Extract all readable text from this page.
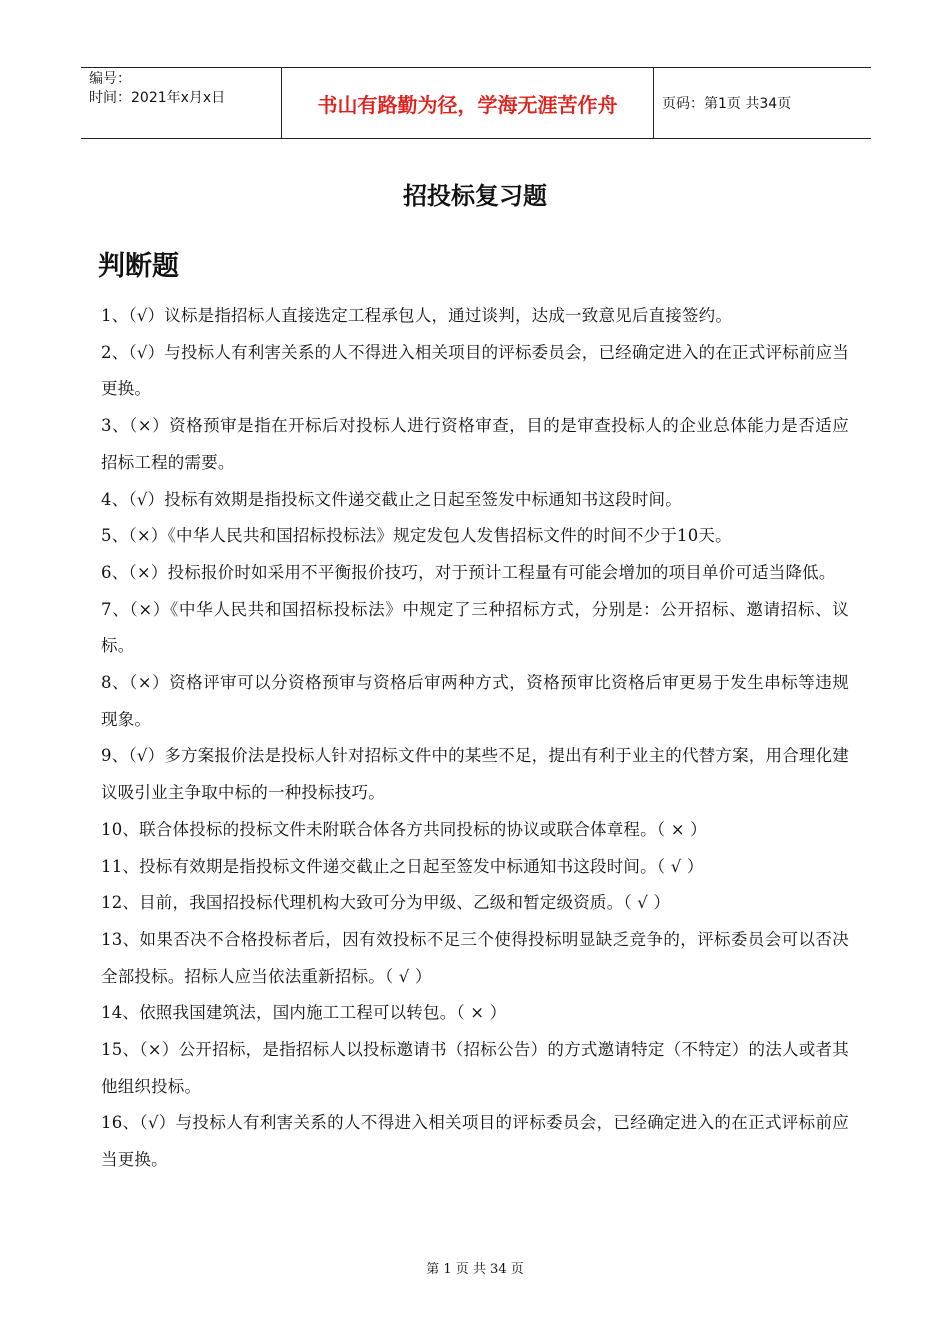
编号：
时间：2021年x月x日	书山有路勤为径，学海无涯苦作舟	页码：第1页 共34页
招投标复习题
判断题
1、（√）议标是指招标人直接选定工程承包人，通过谈判，达成一致意见后直接签约。
2、（√）与投标人有利害关系的人不得进入相关项目的评标委员会，已经确定进入的在正式评标前应当更换。
3、（×）资格预审是指在开标后对投标人进行资格审查，目的是审查投标人的企业总体能力是否适应招标工程的需要。
4、（√）投标有效期是指投标文件递交截止之日起至签发中标通知书这段时间。
5、（×）《中华人民共和国招标投标法》规定发包人发售招标文件的时间不少于10天。
6、（×）投标报价时如采用不平衡报价技巧，对于预计工程量有可能会增加的项目单价可适当降低。
7、（×）《中华人民共和国招标投标法》中规定了三种招标方式，分别是：公开招标、邀请招标、议标。
8、（×）资格评审可以分资格预审与资格后审两种方式，资格预审比资格后审更易于发生串标等违规现象。
9、（√）多方案报价法是投标人针对招标文件中的某些不足，提出有利于业主的代替方案，用合理化建议吸引业主争取中标的一种投标技巧。
10、联合体投标的投标文件未附联合体各方共同投标的协议或联合体章程。（ × ）
11、投标有效期是指投标文件递交截止之日起至签发中标通知书这段时间。（ √ ）
12、目前，我国招投标代理机构大致可分为甲级、乙级和暂定级资质。（ √ ）
13、如果否决不合格投标者后，因有效投标不足三个使得投标明显缺乏竞争的，评标委员会可以否决全部投标。招标人应当依法重新招标。（ √ ）
14、依照我国建筑法，国内施工工程可以转包。（ × ）
15、（×）公开招标，是指招标人以投标邀请书（招标公告）的方式邀请特定（不特定）的法人或者其他组织投标。
16、（√）与投标人有利害关系的人不得进入相关项目的评标委员会，已经确定进入的在正式评标前应当更换。
第 1 页 共 34 页
